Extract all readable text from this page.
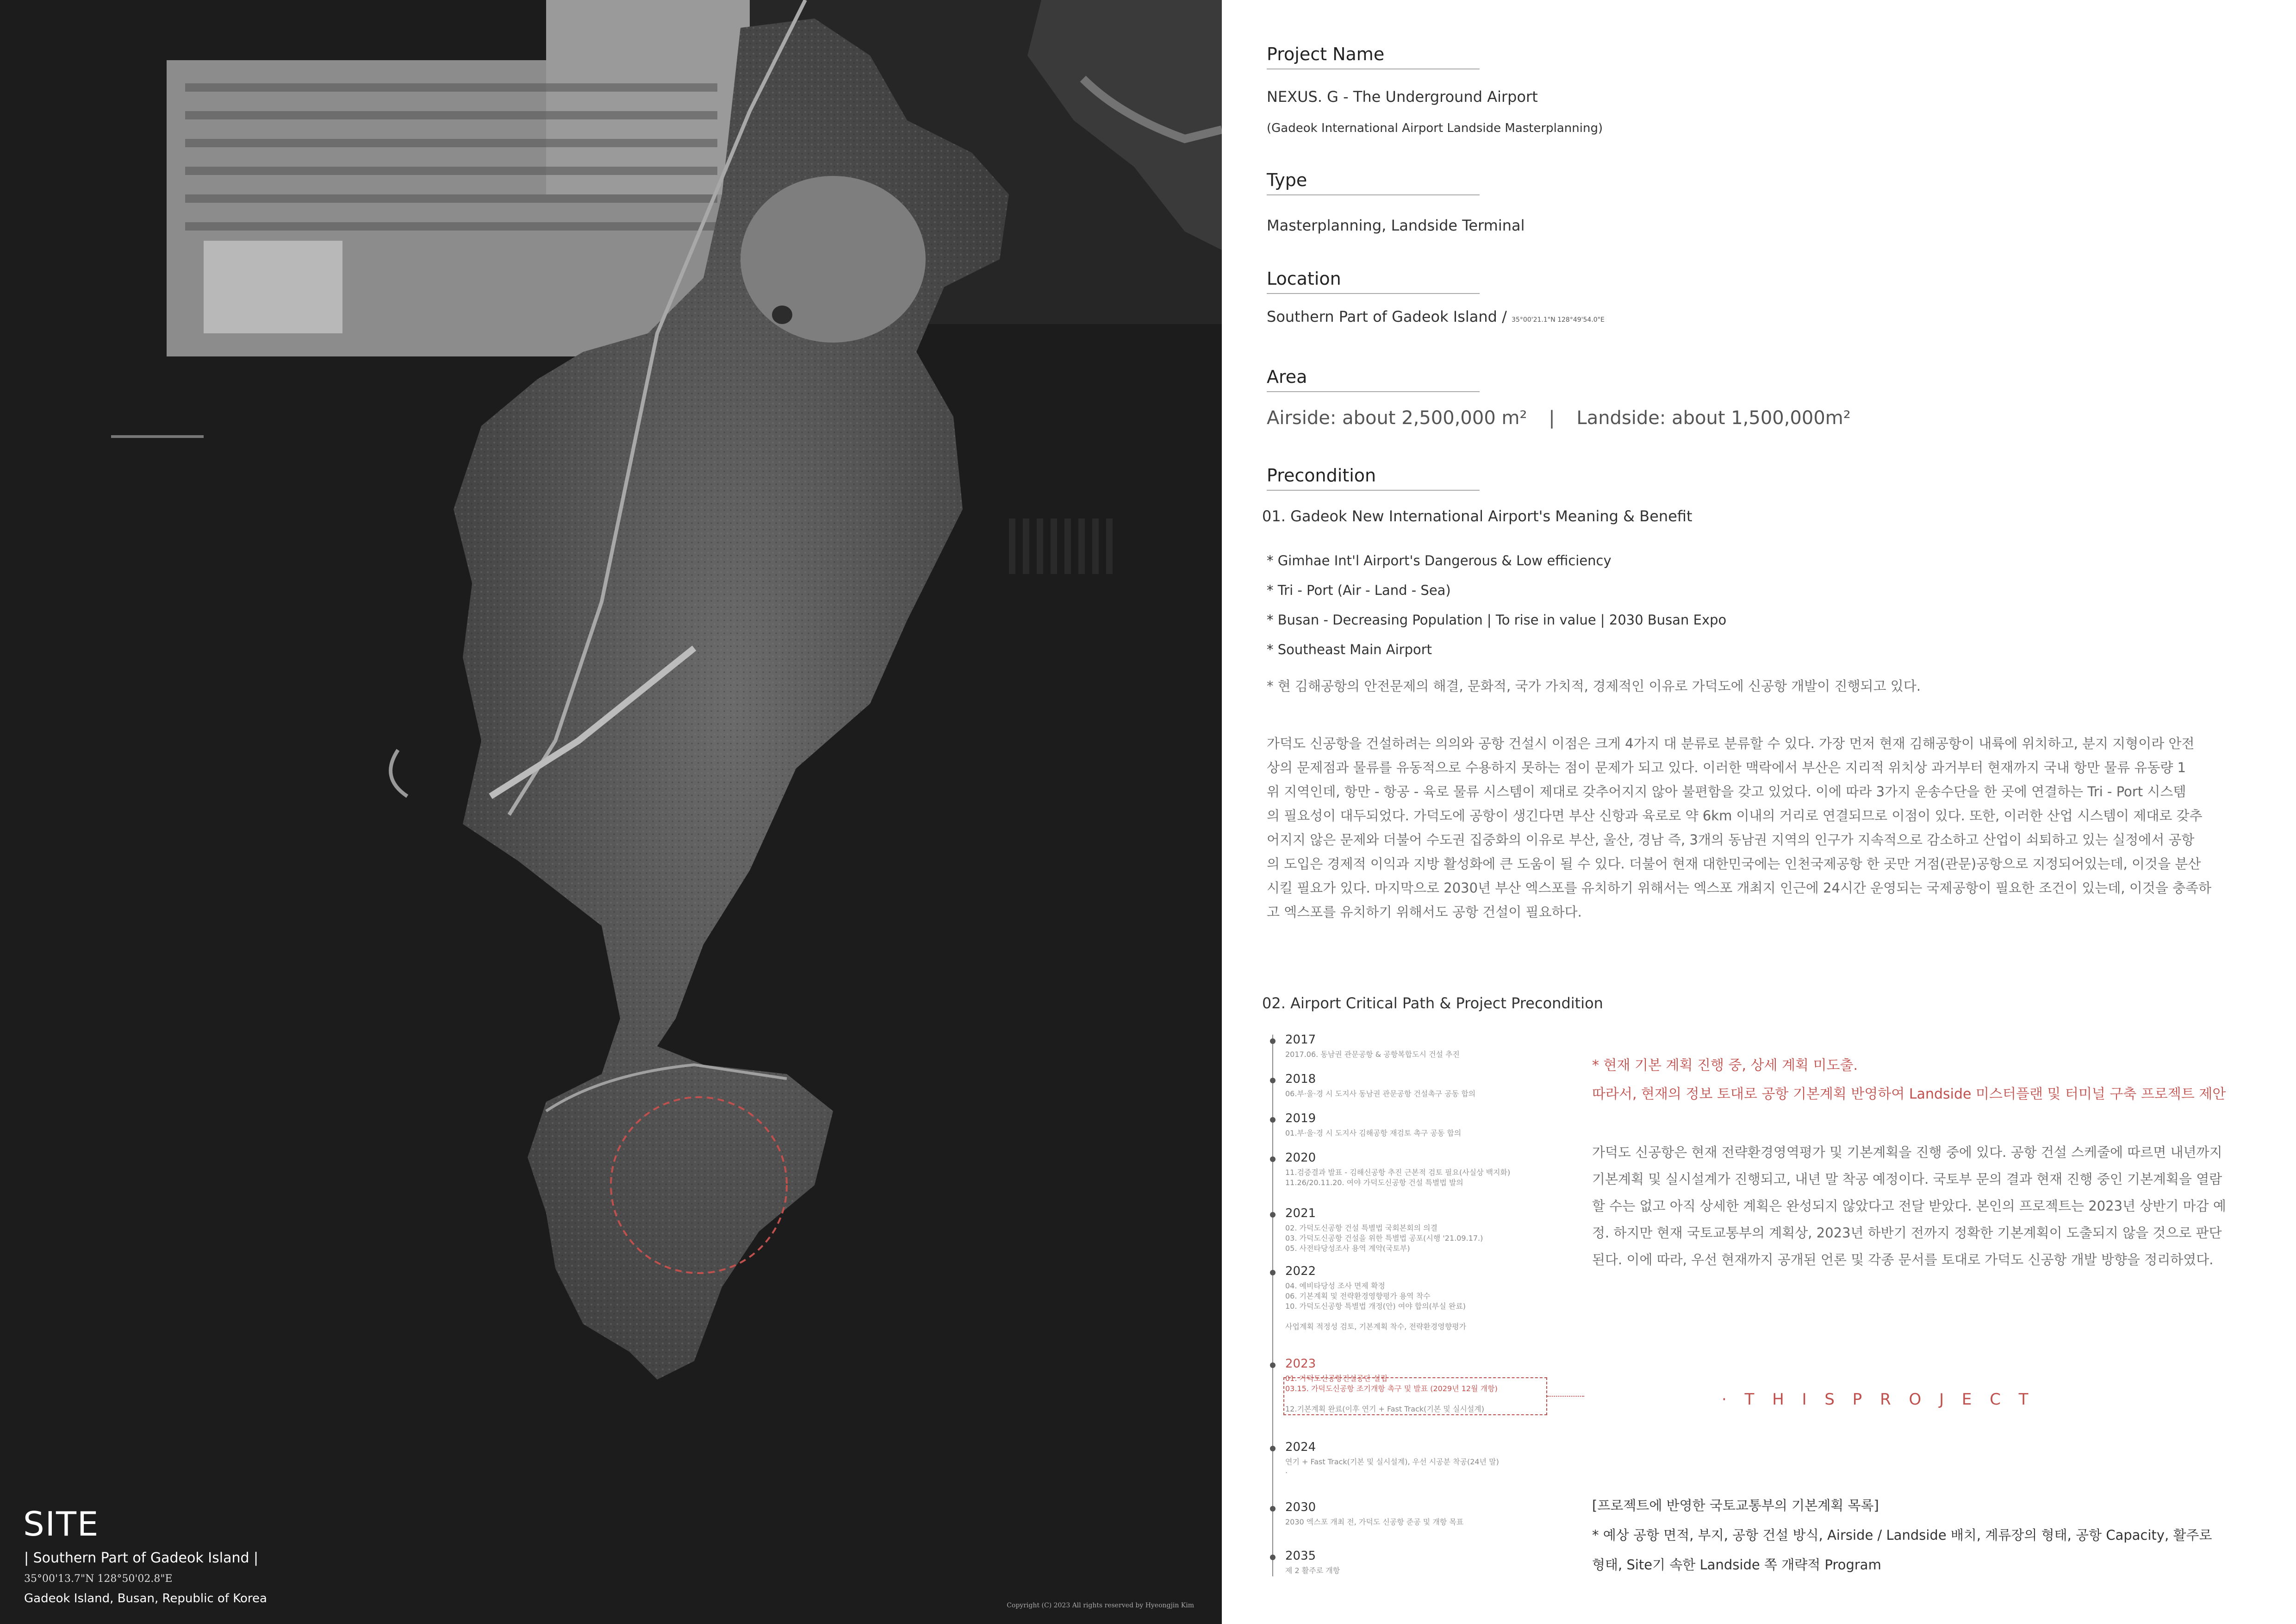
SITE
| Southern Part of Gadeok Island |
35°00'13.7"N 128°50'02.8"E
Gadeok Island, Busan, Republic of Korea	Copyright (C) 2023 All rights reserved by Hyeongjin Kim
Project Name
NEXUS. G - The Underground Airport
(Gadeok International Airport Landside Masterplanning)
Type
Masterplanning, Landside Terminal
Location
Southern Part of Gadeok Island / 35°00'21.1"N 128°49'54.0"E
Area
Airside: about 2,500,000 m² | Landside: about 1,500,000m²
Precondition
01. Gadeok New International Airport's Meaning & Benefit
* Gimhae Int'l Airport's Dangerous & Low efficiency
* Tri - Port (Air - Land - Sea)
* Busan - Decreasing Population | To rise in value | 2030 Busan Expo
* Southeast Main Airport
* 현 김해공항의 안전문제의 해결, 문화적, 국가 가치적, 경제적인 이유로 가덕도에 신공항 개발이 진행되고 있다.
가덕도 신공항을 건설하려는 의의와 공항 건설시 이점은 크게 4가지 대 분류로 분류할 수 있다. 가장 먼저 현재 김해공항이 내륙에 위치하고, 분지 지형이라 안전
상의 문제점과 물류를 유동적으로 수용하지 못하는 점이 문제가 되고 있다. 이러한 맥락에서 부산은 지리적 위치상 과거부터 현재까지 국내 항만 물류 유동량 1
위 지역인데, 항만 - 항공 - 육로 물류 시스템이 제대로 갖추어지지 않아 불편함을 갖고 있었다. 이에 따라 3가지 운송수단을 한 곳에 연결하는 Tri - Port 시스템
의 필요성이 대두되었다. 가덕도에 공항이 생긴다면 부산 신항과 육로로 약 6km 이내의 거리로 연결되므로 이점이 있다. 또한, 이러한 산업 시스템이 제대로 갖추
어지지 않은 문제와 더불어 수도권 집중화의 이유로 부산, 울산, 경남 즉, 3개의 동남권 지역의 인구가 지속적으로 감소하고 산업이 쇠퇴하고 있는 실정에서 공항
의 도입은 경제적 이익과 지방 활성화에 큰 도움이 될 수 있다. 더불어 현재 대한민국에는 인천국제공항 한 곳만 거점(관문)공항으로 지정되어있는데, 이것을 분산
시킬 필요가 있다. 마지막으로 2030년 부산 엑스포를 유치하기 위해서는 엑스포 개최지 인근에 24시간 운영되는 국제공항이 필요한 조건이 있는데, 이것을 충족하
고 엑스포를 유치하기 위해서도 공항 건설이 필요하다.
02. Airport Critical Path & Project Precondition
2017
2017.06. 동남권 관문공항 & 공항복합도시 건설 추진
2018
06.부·울·경 시 도지사 동남권 관문공항 건설촉구 공동 합의
2019
01.부·울·경 시 도지사 김해공항 재검토 촉구 공동 합의
2020
11.검증결과 발표 - 김해신공항 추진 근본적 검토 필요(사실상 백지화)
11.26/20.11.20. 여야 가덕도신공항 건설 특별법 발의
2021
02. 가덕도신공항 건설 특별법 국회본회의 의결
03. 가덕도신공항 건설을 위한 특별법 공포(시행 '21.09.17.)
05. 사전타당성조사 용역 계약(국토부)
2022
04. 예비타당성 조사 면제 확정
06. 기본계획 및 전략환경영향평가 용역 착수
10. 가덕도신공항 특별법 개정(안) 여야 합의(부실 완료)
사업계획 적정성 검토, 기본계획 착수, 전략환경영향평가
2023
01. 가덕도신공항건설공단 설립
03.15. 가덕도신공항 조기개항 촉구 및 발표 (2029년 12월 개항)
12.기본계획 완료(이후 연기 + Fast Track(기본 및 실시설계)
2024
연기 + Fast Track(기본 및 실시설계), 우선 시공분 착공(24년 말)
.
2030
2030 엑스포 개최 전, 가덕도 신공항 준공 및 개항 목표
2035
제 2 활주로 개항
· T H I S P R O J E C T
* 현재 기본 계획 진행 중, 상세 계획 미도출.
따라서, 현재의 정보 토대로 공항 기본계획 반영하여 Landside 미스터플랜 및 터미널 구축 프로젝트 제안
가덕도 신공항은 현재 전략환경영역평가 및 기본계획을 진행 중에 있다. 공항 건설 스케줄에 따르면 내년까지
기본계획 및 실시설계가 진행되고, 내년 말 착공 예정이다. 국토부 문의 결과 현재 진행 중인 기본계획을 열람
할 수는 없고 아직 상세한 계획은 완성되지 않았다고 전달 받았다. 본인의 프로젝트는 2023년 상반기 마감 예
정. 하지만 현재 국토교통부의 계획상, 2023년 하반기 전까지 정확한 기본계획이 도출되지 않을 것으로 판단
된다. 이에 따라, 우선 현재까지 공개된 언론 및 각종 문서를 토대로 가덕도 신공항 개발 방향을 정리하였다.
[프로젝트에 반영한 국토교통부의 기본계획 목록]
* 예상 공항 면적, 부지, 공항 건설 방식, Airside / Landside 배치, 계류장의 형태, 공항 Capacity, 활주로
형태, Site기 속한 Landside 쪽 개략적 Program
